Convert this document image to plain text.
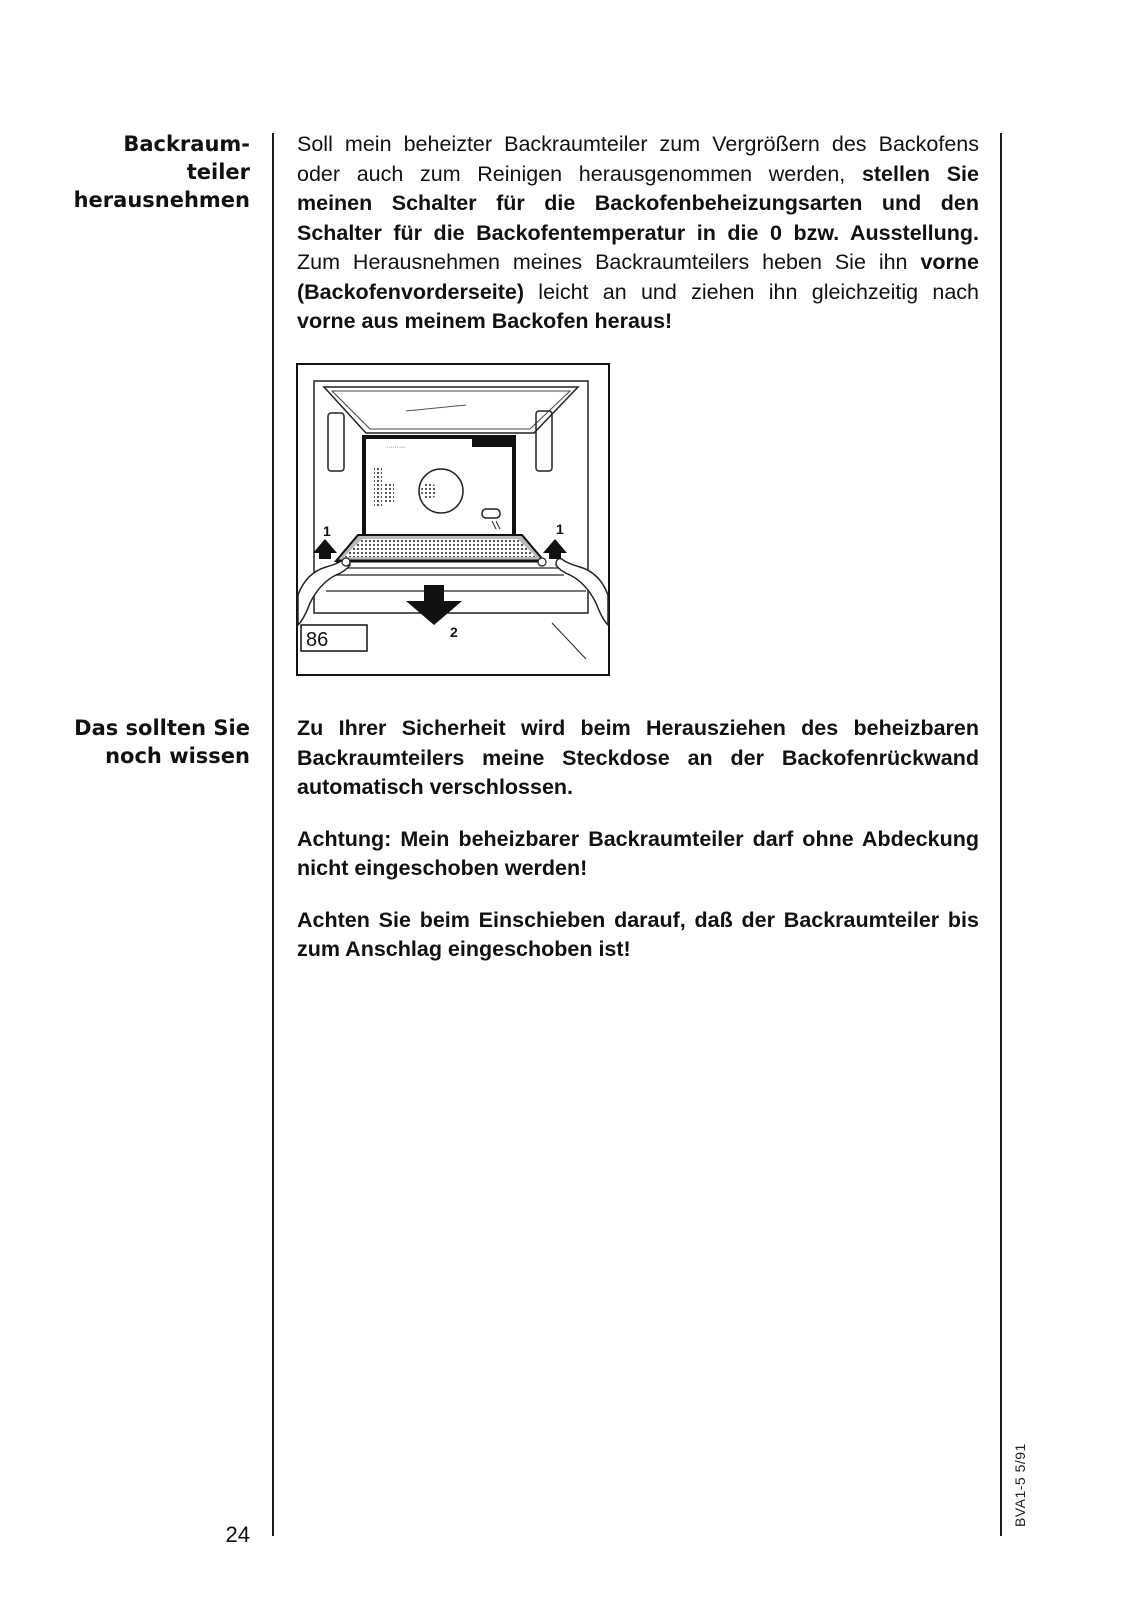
Backraum-
teiler
herausnehmen

Soll mein beheizter Backraumteiler zum Vergrößern des Backofens oder auch zum Reinigen herausgenommen werden, stellen Sie meinen Schalter für die Backofenbeheizungsarten und den Schalter für die Backofentemperatur in die 0 bzw. Ausstellung. Zum Herausnehmen meines Backraumteilers heben Sie ihn vorne (Backofenvorderseite) leicht an und ziehen ihn gleichzeitig nach vorne aus meinem Backofen heraus!

·∙·∙·∙·∙·
1	1
2
86
Das sollten Sie
noch wissen

Zu Ihrer Sicherheit wird beim Herausziehen des beheizbaren Backraumteilers meine Steckdose an der Backofenrückwand automatisch verschlossen.

Achtung: Mein beheizbarer Backraumteiler darf ohne Abdeckung nicht eingeschoben werden!

Achten Sie beim Einschieben darauf, daß der Backraumteiler bis zum Anschlag eingeschoben ist!

24
BVA1-5 5/91
